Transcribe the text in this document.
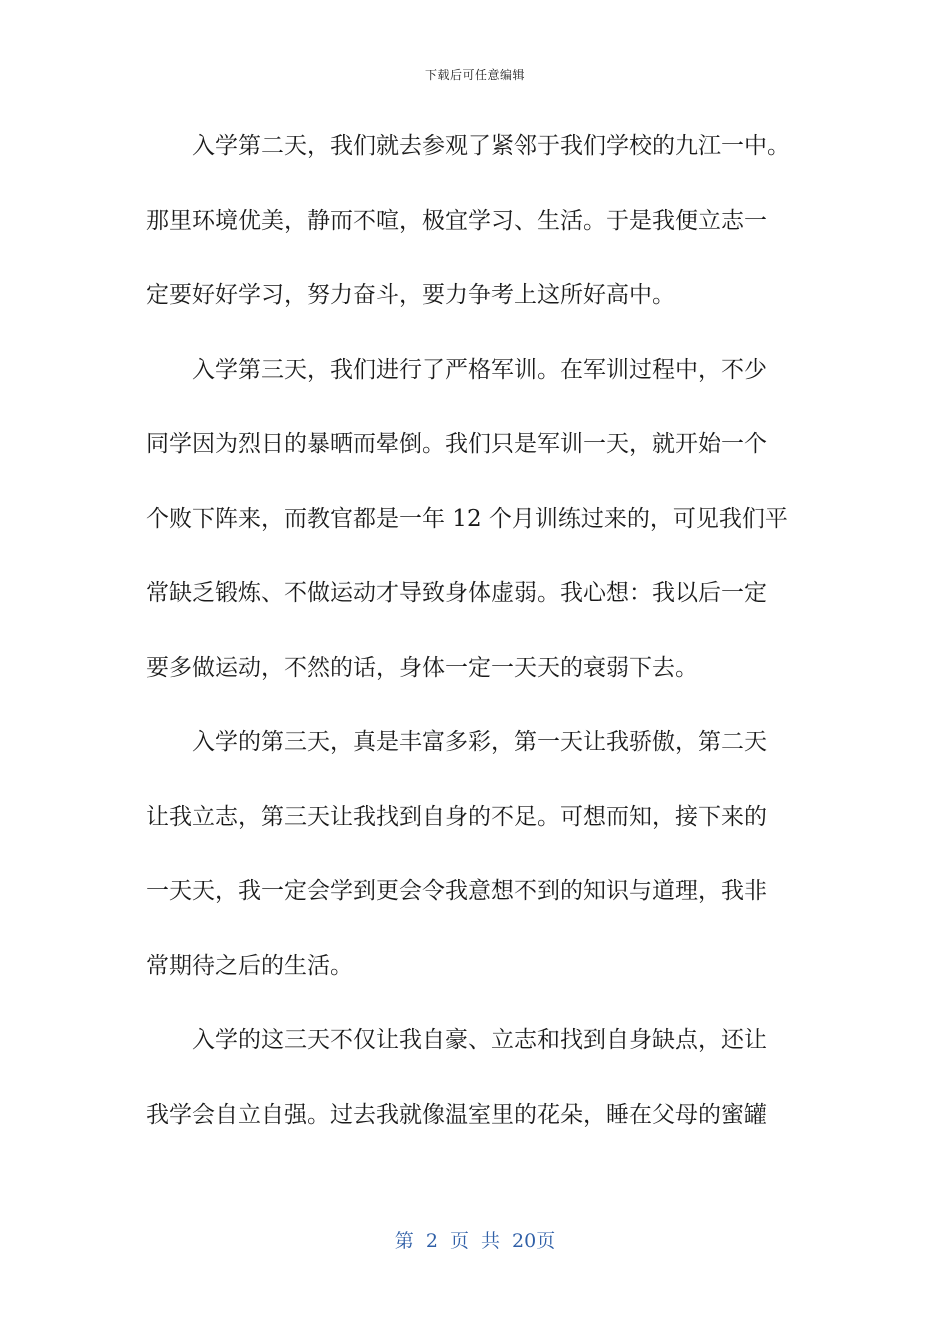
下载后可任意编辑
入学第二天，我们就去参观了紧邻于我们学校的九江一中。
那里环境优美，静而不喧，极宜学习、生活。于是我便立志一
定要好好学习，努力奋斗，要力争考上这所好高中。
入学第三天，我们进行了严格军训。在军训过程中，不少
同学因为烈日的暴晒而晕倒。我们只是军训一天，就开始一个
个败下阵来，而教官都是一年 12 个月训练过来的，可见我们平
常缺乏锻炼、不做运动才导致身体虚弱。我心想：我以后一定
要多做运动，不然的话，身体一定一天天的衰弱下去。
入学的第三天，真是丰富多彩，第一天让我骄傲，第二天
让我立志，第三天让我找到自身的不足。可想而知，接下来的
一天天，我一定会学到更会令我意想不到的知识与道理，我非
常期待之后的生活。
入学的这三天不仅让我自豪、立志和找到自身缺点，还让
我学会自立自强。过去我就像温室里的花朵，睡在父母的蜜罐
第 2 页 共 20页
